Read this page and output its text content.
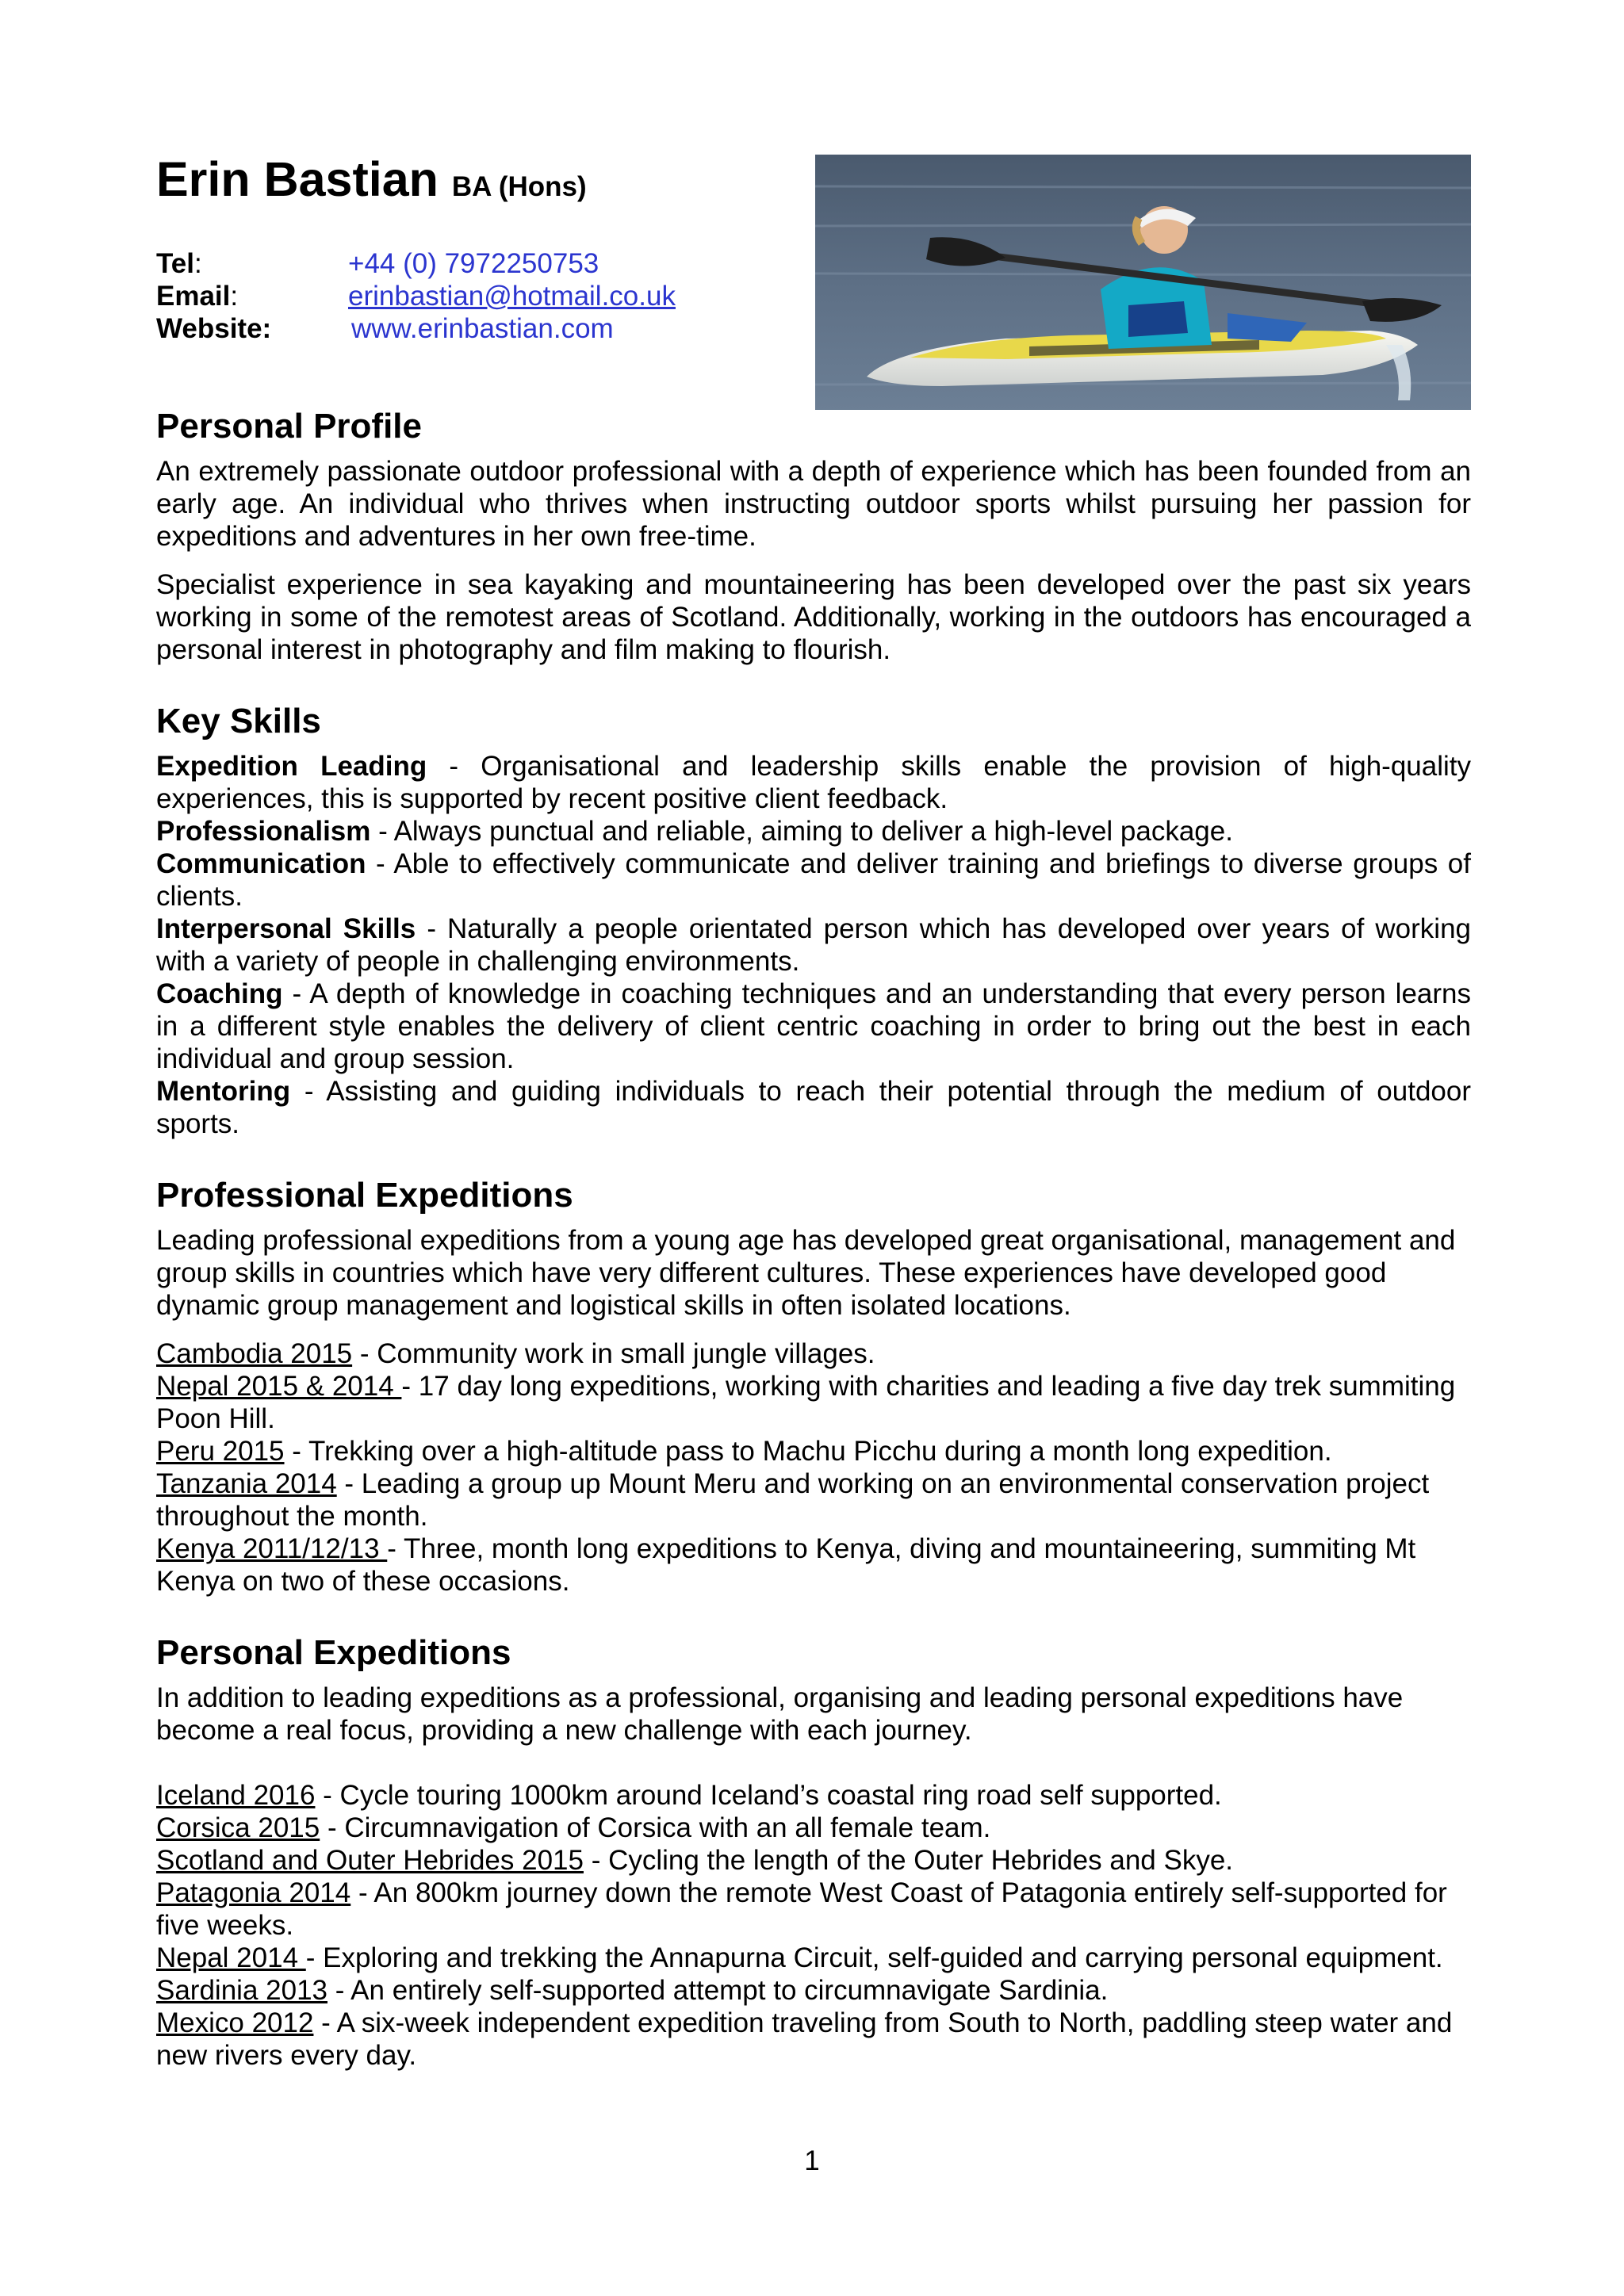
Erin Bastian BA (Hons)
Tel:	+44 (0) 7972250753
Email:	erinbastian@hotmail.co.uk
Website:	www.erinbastian.com
Personal Profile

An extremely passionate outdoor professional with a depth of experience which has been founded from an early age. An individual who thrives when instructing outdoor sports whilst pursuing her passion for expeditions and adventures in her own free-time.

Specialist experience in sea kayaking and mountaineering has been developed over the past six years working in some of the remotest areas of Scotland. Additionally, working in the outdoors has encouraged a personal interest in photography and film making to flourish.

Key Skills

Expedition Leading - Organisational and leadership skills enable the provision of high-quality experiences, this is supported by recent positive client feedback.

Professionalism - Always punctual and reliable, aiming to deliver a high-level package.

Communication - Able to effectively communicate and deliver training and briefings to diverse groups of clients.

Interpersonal Skills - Naturally a people orientated person which has developed over years of working with a variety of people in challenging environments.

Coaching - A depth of knowledge in coaching techniques and an understanding that every person learns in a different style enables the delivery of client centric coaching in order to bring out the best in each individual and group session.

Mentoring - Assisting and guiding individuals to reach their potential through the medium of outdoor sports.

Professional Expeditions

Leading professional expeditions from a young age has developed great organisational, management and group skills in countries which have very different cultures. These experiences have developed good dynamic group management and logistical skills in often isolated locations.

Cambodia 2015 - Community work in small jungle villages.

Nepal 2015 & 2014 - 17 day long expeditions, working with charities and leading a five day trek summiting Poon Hill.

Peru 2015 - Trekking over a high-altitude pass to Machu Picchu during a month long expedition.

Tanzania 2014 - Leading a group up Mount Meru and working on an environmental conservation project throughout the month.

Kenya 2011/12/13 - Three, month long expeditions to Kenya, diving and mountaineering, summiting Mt Kenya on two of these occasions.

Personal Expeditions

In addition to leading expeditions as a professional, organising and leading personal expeditions have become a real focus, providing a new challenge with each journey.

Iceland 2016 - Cycle touring 1000km around Iceland’s coastal ring road self supported.

Corsica 2015 - Circumnavigation of Corsica with an all female team.

Scotland and Outer Hebrides 2015 - Cycling the length of the Outer Hebrides and Skye.

Patagonia 2014 - An 800km journey down the remote West Coast of Patagonia entirely self-supported for five weeks.

Nepal 2014 - Exploring and trekking the Annapurna Circuit, self-guided and carrying personal equipment.

Sardinia 2013 - An entirely self-supported attempt to circumnavigate Sardinia.

Mexico 2012 - A six-week independent expedition traveling from South to North, paddling steep water and new rivers every day.

1
